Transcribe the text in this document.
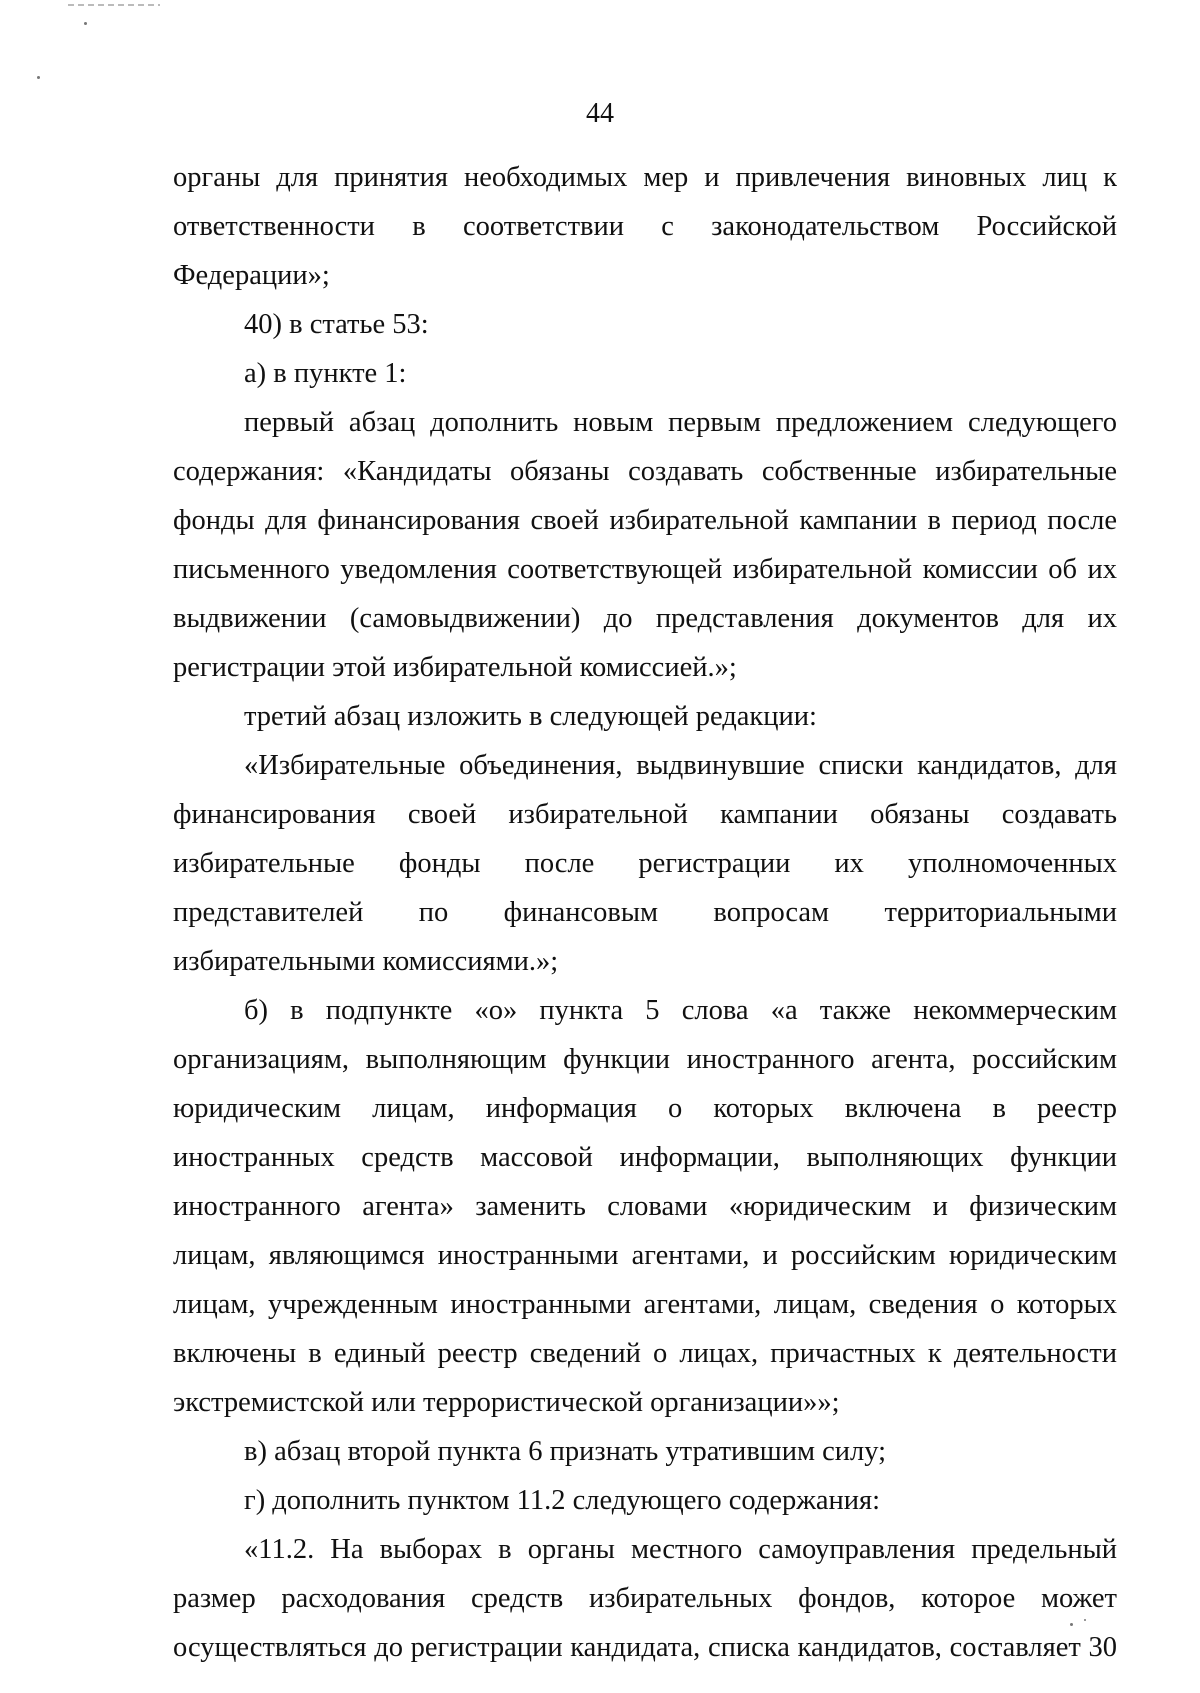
44

органы для принятия необходимых мер и привлечения виновных лиц к ответственности в соответствии с законодательством Российской Федерации»;

40) в статье 53:

а) в пункте 1:

первый абзац дополнить новым первым предложением следующего содержания: «Кандидаты обязаны создавать собственные избирательные фонды для финансирования своей избирательной кампании в период после письменного уведомления соответствующей избирательной комиссии об их выдвижении (самовыдвижении) до представления документов для их регистрации этой избирательной комиссией.»;

третий абзац изложить в следующей редакции:

«Избирательные объединения, выдвинувшие списки кандидатов, для финансирования своей избирательной кампании обязаны создавать избирательные фонды после регистрации их уполномоченных представителей по финансовым вопросам территориальными избирательными комиссиями.»;

б) в подпункте «о» пункта 5 слова «а также некоммерческим организациям, выполняющим функции иностранного агента, российским юридическим лицам, информация о которых включена в реестр иностранных средств массовой информации, выполняющих функции иностранного агента» заменить словами «юридическим и физическим лицам, являющимся иностранными агентами, и российским юридическим лицам, учрежденным иностранными агентами, лицам, сведения о которых включены в единый реестр сведений о лицах, причастных к деятельности экстремистской или террористической организации»»;

в) абзац второй пункта 6 признать утратившим силу;

г) дополнить пунктом 11.2 следующего содержания:

«11.2. На выборах в органы местного самоуправления предельный размер расходования средств избирательных фондов, которое может осуществляться до регистрации кандидата, списка кандидатов, составляет 30
